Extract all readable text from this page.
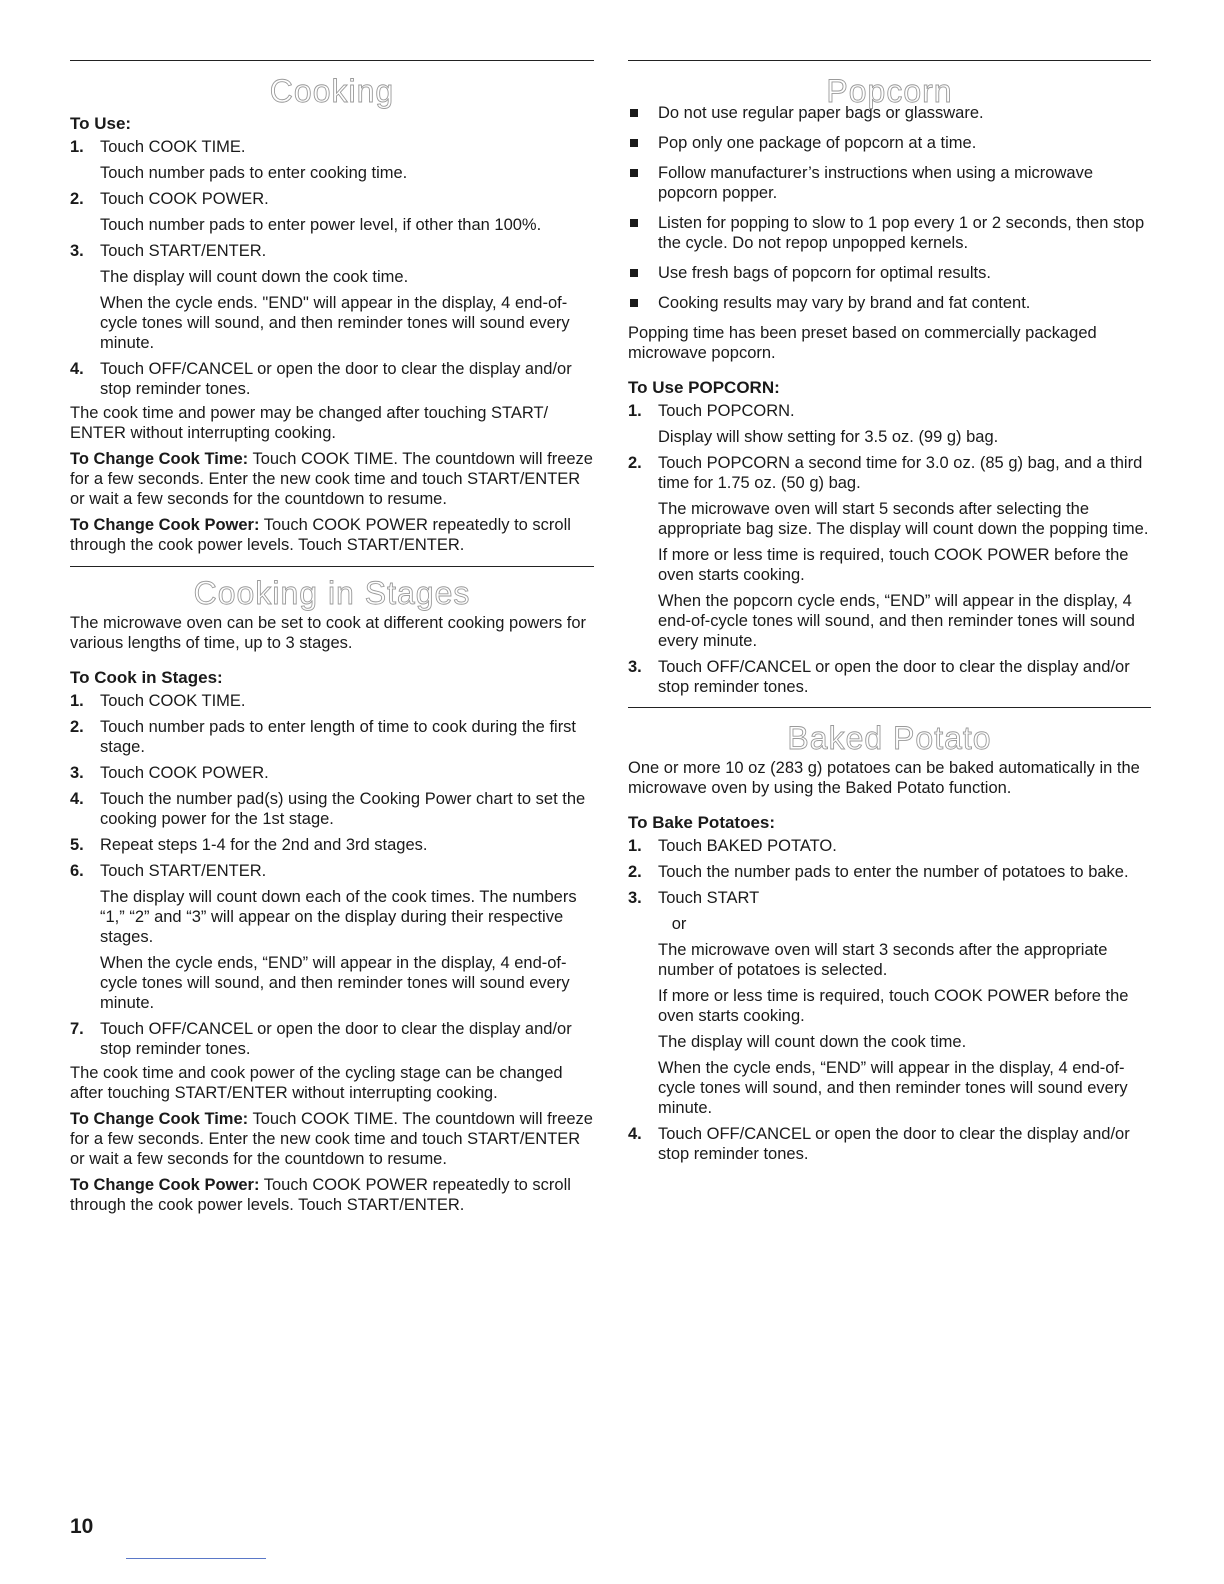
Cooking
To Use:
1. Touch COOK TIME.
Touch number pads to enter cooking time.
2. Touch COOK POWER.
Touch number pads to enter power level, if other than 100%.
3. Touch START/ENTER.
The display will count down the cook time.
When the cycle ends. "END" will appear in the display, 4 end-of-cycle tones will sound, and then reminder tones will sound every minute.
4. Touch OFF/CANCEL or open the door to clear the display and/or stop reminder tones.

The cook time and power may be changed after touching START/ ENTER without interrupting cooking.

To Change Cook Time: Touch COOK TIME. The countdown will freeze for a few seconds. Enter the new cook time and touch START/ENTER or wait a few seconds for the countdown to resume.

To Change Cook Power: Touch COOK POWER repeatedly to scroll through the cook power levels. Touch START/ENTER.

Cooking in Stages

The microwave oven can be set to cook at different cooking powers for various lengths of time, up to 3 stages.

To Cook in Stages:
1. Touch COOK TIME.
2. Touch number pads to enter length of time to cook during the first stage.
3. Touch COOK POWER.
4. Touch the number pad(s) using the Cooking Power chart to set the cooking power for the 1st stage.
5. Repeat steps 1-4 for the 2nd and 3rd stages.
6. Touch START/ENTER.
The display will count down each of the cook times. The numbers “1,” “2” and “3” will appear on the display during their respective stages.
When the cycle ends, “END” will appear in the display, 4 end-of-cycle tones will sound, and then reminder tones will sound every minute.
7. Touch OFF/CANCEL or open the door to clear the display and/or stop reminder tones.

The cook time and cook power of the cycling stage can be changed after touching START/ENTER without interrupting cooking.

To Change Cook Time: Touch COOK TIME. The countdown will freeze for a few seconds. Enter the new cook time and touch START/ENTER or wait a few seconds for the countdown to resume.

To Change Cook Power: Touch COOK POWER repeatedly to scroll through the cook power levels. Touch START/ENTER.

Popcorn
Do not use regular paper bags or glassware.
Pop only one package of popcorn at a time.
Follow manufacturer’s instructions when using a microwave popcorn popper.
Listen for popping to slow to 1 pop every 1 or 2 seconds, then stop the cycle. Do not repop unpopped kernels.
Use fresh bags of popcorn for optimal results.
Cooking results may vary by brand and fat content.

Popping time has been preset based on commercially packaged microwave popcorn.

To Use POPCORN:
1. Touch POPCORN.
Display will show setting for 3.5 oz. (99 g) bag.
2. Touch POPCORN a second time for 3.0 oz. (85 g) bag, and a third time for 1.75 oz. (50 g) bag.
The microwave oven will start 5 seconds after selecting the appropriate bag size. The display will count down the popping time.
If more or less time is required, touch COOK POWER before the oven starts cooking.
When the popcorn cycle ends, “END” will appear in the display, 4 end-of-cycle tones will sound, and then reminder tones will sound every minute.
3. Touch OFF/CANCEL or open the door to clear the display and/or stop reminder tones.
Baked Potato

One or more 10 oz (283 g) potatoes can be baked automatically in the microwave oven by using the Baked Potato function.

To Bake Potatoes:
1. Touch BAKED POTATO.
2. Touch the number pads to enter the number of potatoes to bake.
3. Touch START
or
The microwave oven will start 3 seconds after the appropriate number of potatoes is selected.
If more or less time is required, touch COOK POWER before the oven starts cooking.
The display will count down the cook time.
When the cycle ends, “END” will appear in the display, 4 end-of-cycle tones will sound, and then reminder tones will sound every minute.
4. Touch OFF/CANCEL or open the door to clear the display and/or stop reminder tones.
10
